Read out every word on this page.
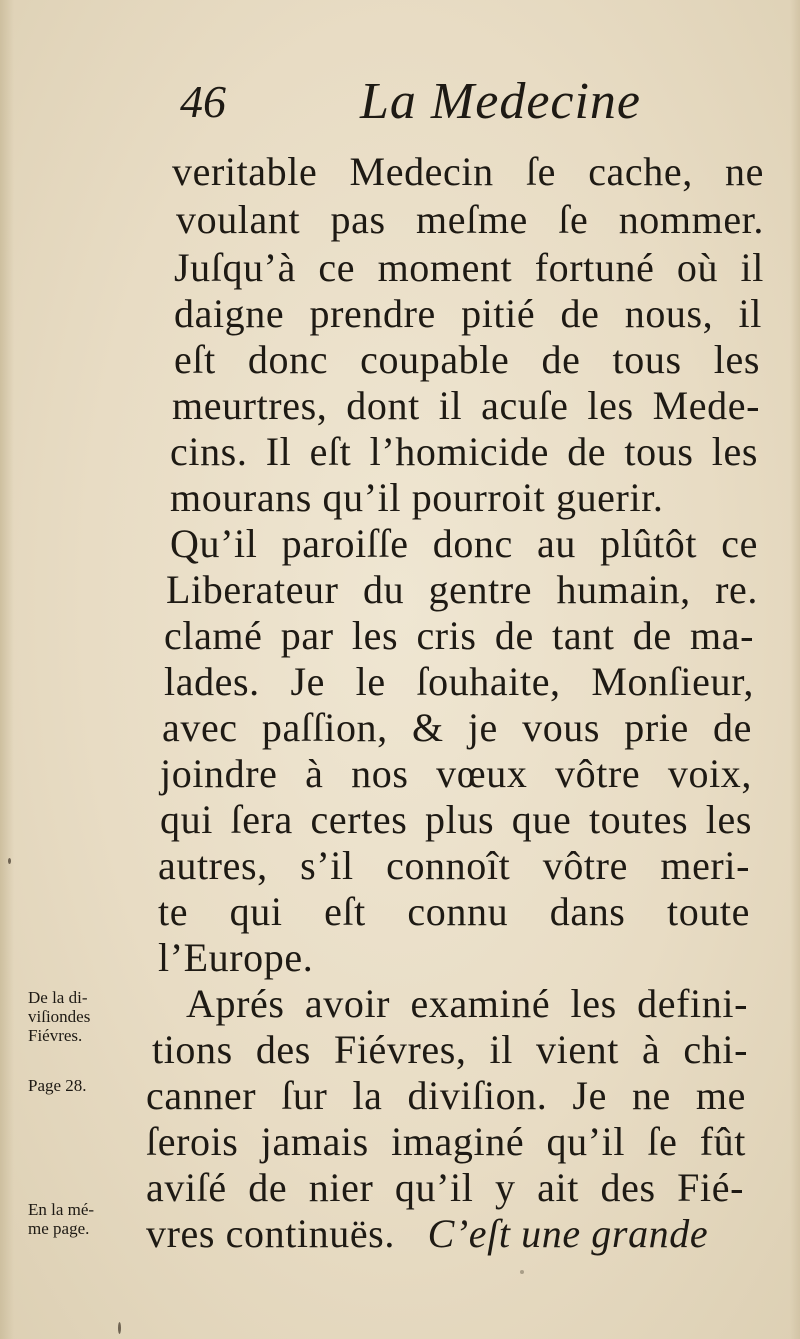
46	La Medecine
veritable Medecin ſe cache, ne
voulant pas meſme ſe nommer.
Juſqu’à ce moment fortuné où il
daigne prendre pitié de nous, il
eſt donc coupable de tous les
meurtres, dont il acuſe les Mede-
cins. Il eſt l’homicide de tous les
mourans qu’il pourroit guerir.
Qu’il paroiſſe donc au plûtôt ce
Liberateur du gentre humain, re.
clamé par les cris de tant de ma-
lades. Je le ſouhaite, Monſieur,
avec paſſion, & je vous prie de
joindre à nos vœux vôtre voix,
qui ſera certes plus que toutes les
autres, s’il connoît vôtre meri-
te qui eſt connu dans toute
l’Europe.
Aprés avoir examiné les defini-
tions des Fiévres, il vient à chi-
canner ſur la diviſion. Je ne me
ſerois jamais imaginé qu’il ſe fût
aviſé de nier qu’il y ait des Fié-
vres continuës. C’eſt une grande
De la di-
viſiondes
Fiévres.
Page 28.
En la mé-
me page.
